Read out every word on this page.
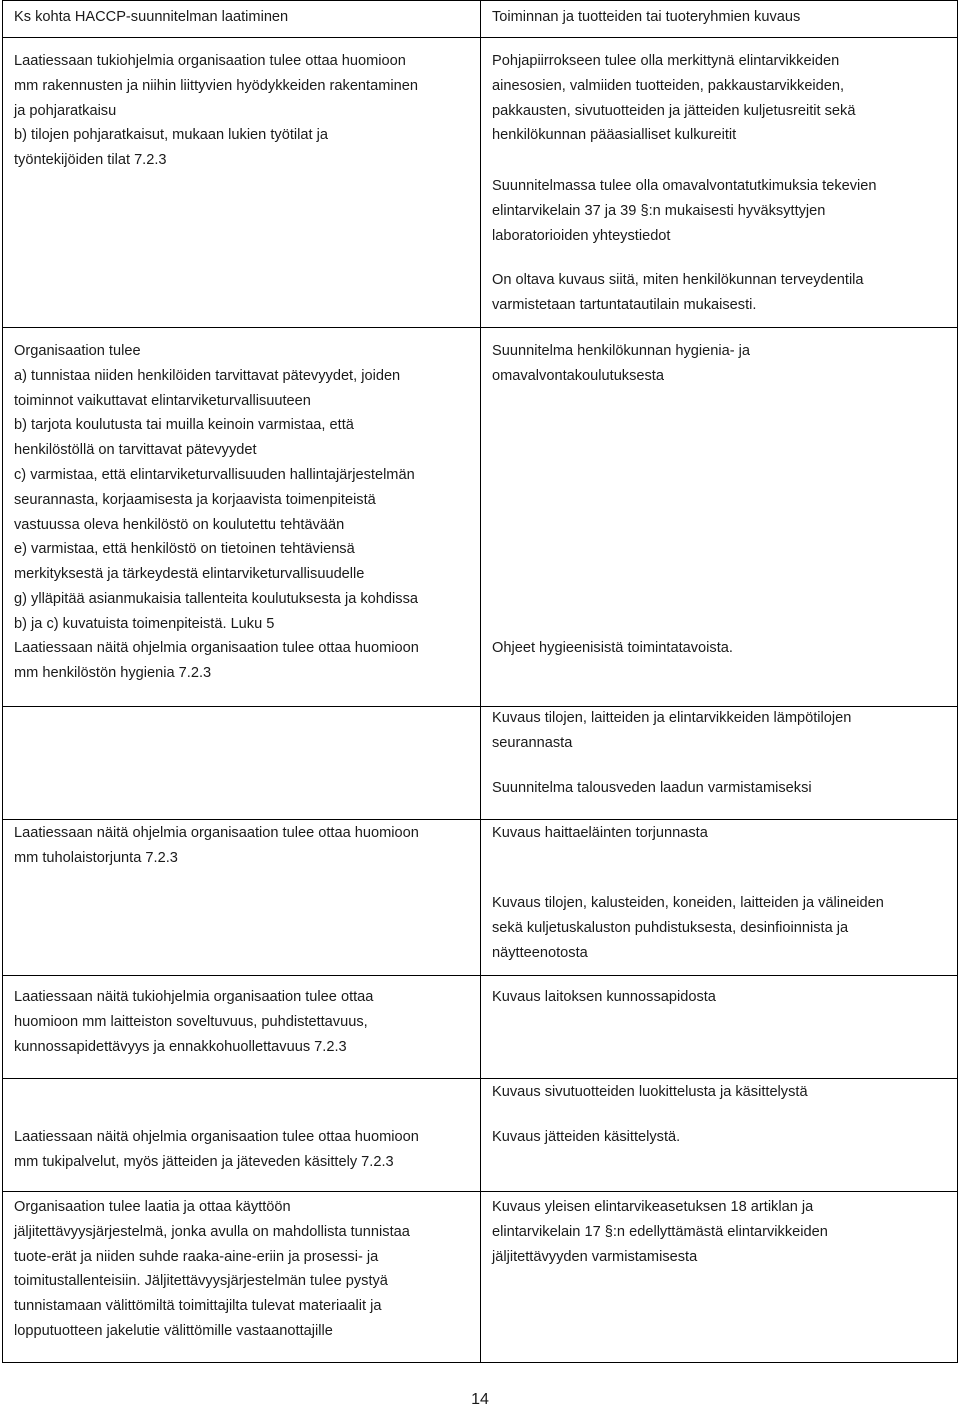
Ks kohta HACCP-suunnitelman laatiminen	Toiminnan ja tuotteiden tai tuoteryhmien kuvaus

Laatiessaan tukiohjelmia organisaation tulee ottaa huomioon
mm rakennusten ja niihin liittyvien hyödykkeiden rakentaminen
ja pohjaratkaisu
b) tilojen pohjaratkaisut, mukaan lukien työtilat ja
työntekijöiden tilat 7.2.3

Organisaation tulee
a) tunnistaa niiden henkilöiden tarvittavat pätevyydet, joiden
toiminnot vaikuttavat elintarviketurvallisuuteen
b) tarjota koulutusta tai muilla keinoin varmistaa, että
henkilöstöllä on tarvittavat pätevyydet
c) varmistaa, että elintarviketurvallisuuden hallintajärjestelmän
seurannasta, korjaamisesta ja korjaavista toimenpiteistä
vastuussa oleva henkilöstö on koulutettu tehtävään
e) varmistaa, että henkilöstö on tietoinen tehtäviensä
merkityksestä ja tärkeydestä elintarviketurvallisuudelle
g) ylläpitää asianmukaisia tallenteita koulutuksesta ja kohdissa
b) ja c) kuvatuista toimenpiteistä. Luku 5

Laatiessaan näitä ohjelmia organisaation tulee ottaa huomioon
mm henkilöstön hygienia 7.2.3

Laatiessaan näitä ohjelmia organisaation tulee ottaa huomioon
mm tuholaistorjunta 7.2.3

Laatiessaan näitä tukiohjelmia organisaation tulee ottaa
huomioon mm laitteiston soveltuvuus, puhdistettavuus,
kunnossapidettävyys ja ennakkohuollettavuus 7.2.3

Laatiessaan näitä ohjelmia organisaation tulee ottaa huomioon
mm tukipalvelut, myös jätteiden ja jäteveden käsittely 7.2.3

Organisaation tulee laatia ja ottaa käyttöön
jäljitettävyysjärjestelmä, jonka avulla on mahdollista tunnistaa
tuote-erät ja niiden suhde raaka-aine-eriin ja prosessi- ja
toimitustallenteisiin. Jäljitettävyysjärjestelmän tulee pystyä
tunnistamaan välittömiltä toimittajilta tulevat materiaalit ja
lopputuotteen jakelutie välittömille vastaanottajille

Pohjapiirrokseen tulee olla merkittynä elintarvikkeiden
ainesosien, valmiiden tuotteiden, pakkaustarvikkeiden,
pakkausten, sivutuotteiden ja jätteiden kuljetusreitit sekä
henkilökunnan pääasialliset kulkureitit

Suunnitelmassa tulee olla omavalvontatutkimuksia tekevien
elintarvikelain 37 ja 39 §:n mukaisesti hyväksyttyjen
laboratorioiden yhteystiedot

On oltava kuvaus siitä, miten henkilökunnan terveydentila
varmistetaan tartuntatautilain mukaisesti.

Suunnitelma henkilökunnan hygienia- ja
omavalvontakoulutuksesta

Ohjeet hygieenisistä toimintatavoista.

Kuvaus tilojen, laitteiden ja elintarvikkeiden lämpötilojen
seurannasta

Suunnitelma talousveden laadun varmistamiseksi

Kuvaus haittaeläinten torjunnasta

Kuvaus tilojen, kalusteiden, koneiden, laitteiden ja välineiden
sekä kuljetuskaluston puhdistuksesta, desinfioinnista ja
näytteenotosta

Kuvaus laitoksen kunnossapidosta

Kuvaus sivutuotteiden luokittelusta ja käsittelystä

Kuvaus jätteiden käsittelystä.

Kuvaus yleisen elintarvikeasetuksen 18 artiklan ja
elintarvikelain 17 §:n edellyttämästä elintarvikkeiden
jäljitettävyyden varmistamisesta

14
